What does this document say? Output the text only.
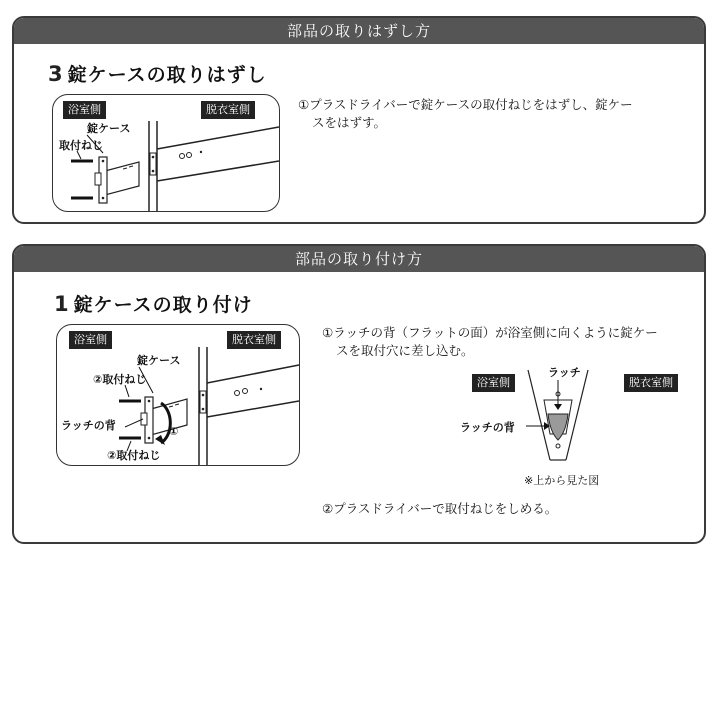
部品の取りはずし方
3 錠ケースの取りはずし
浴室側	脱衣室側
錠ケース
取付ねじ
①プラスドライバーで錠ケースの取付ねじをはずし、錠ケー
スをはずす。
部品の取り付け方
1 錠ケースの取り付け
浴室側	脱衣室側
錠ケース
②取付ねじ
ラッチの背	①
②取付ねじ
①ラッチの背（フラットの面）が浴室側に向くように錠ケー
スを取付穴に差し込む。
浴室側	脱衣室側
ラッチ
ラッチの背
※上から見た図
②プラスドライバーで取付ねじをしめる。
